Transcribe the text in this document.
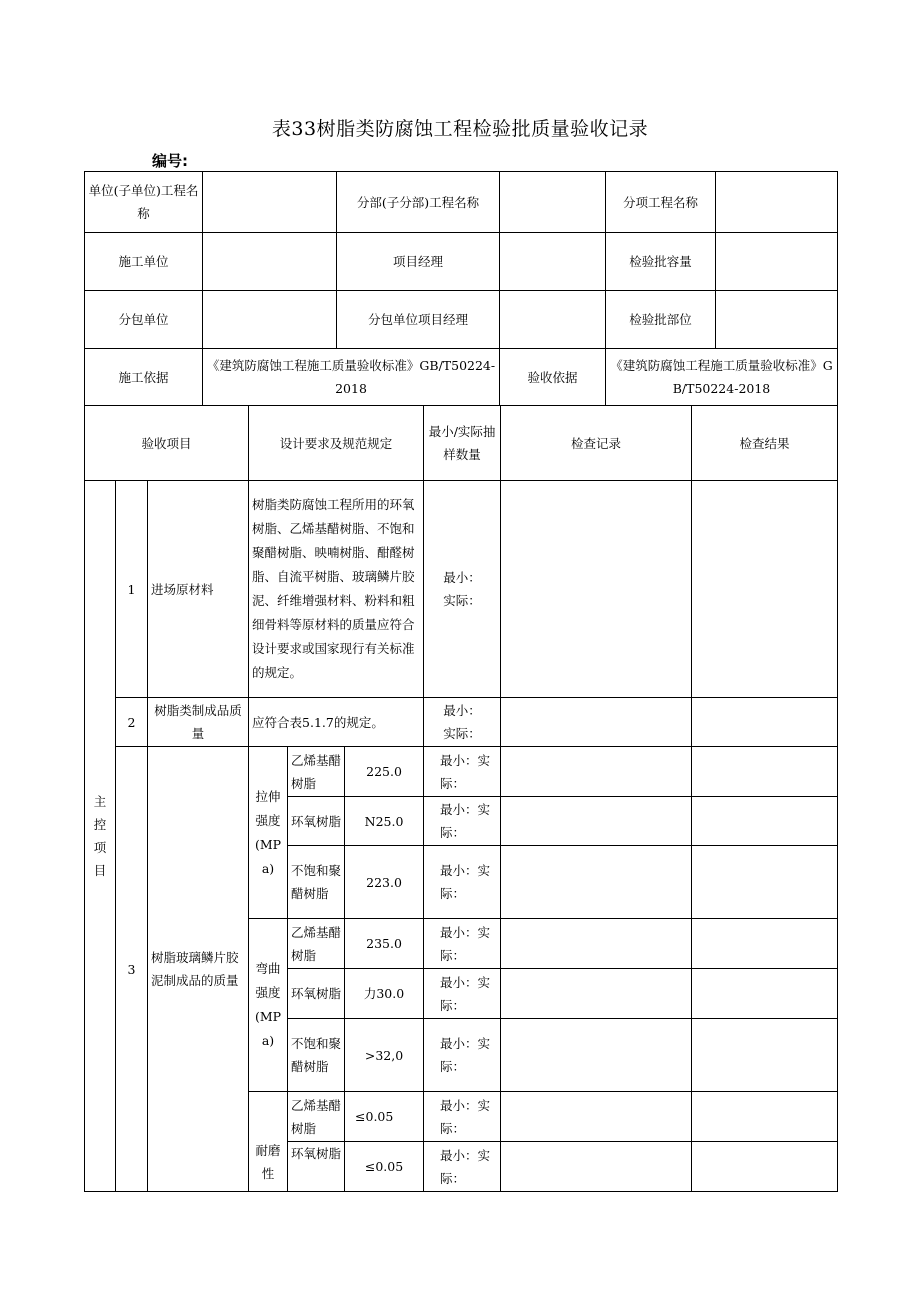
表33树脂类防腐蚀工程检验批质量验收记录
编号:
单位(子单位)工程名称		分部(子分部)工程名称		分项工程名称	
施工单位		项目经理		检验批容量	
分包单位		分包单位项目经理		检验批部位	
施工依据	《建筑防腐蚀工程施工质量验收标准》GB/T50224-2018		验收依据	《建筑防腐蚀工程施工质量验收标准》GB/T50224-2018	
验收项目			设计要求及规范规定			最小/实际抽样数量	检查记录	检查结果
主控项目	1	进场原材料	树脂类防腐蚀工程所用的环氧树脂、乙烯基醋树脂、不饱和聚醋树脂、映喃树脂、酣醛树脂、自流平树脂、玻璃鳞片胶泥、纤维增强材料、粉料和粗细骨料等原材料的质量应符合设计要求或国家现行有关标准的规定。			最小：实际：		
	2	树脂类制成品质量	应符合表5.1.7的规定。			最小：实际：		
	3	树脂玻璃鳞片胶泥制成品的质量	拉伸强度(MPa)	乙烯基醋树脂	225.0	最小：实际：		
				环氧树脂	N25.0	最小：实际：		
				不饱和聚醋树脂	223.0	最小：实际：		
			弯曲强度(MPa)	乙烯基醋树脂	235.0	最小：实际：		
				环氧树脂	力30.0	最小：实际：		
				不饱和聚醋树脂	>32,0	最小：实际：		
			耐磨性	乙烯基醋树脂	≤0.05	最小：实际：		
				环氧树脂	≤0.05	最小：实际：		
